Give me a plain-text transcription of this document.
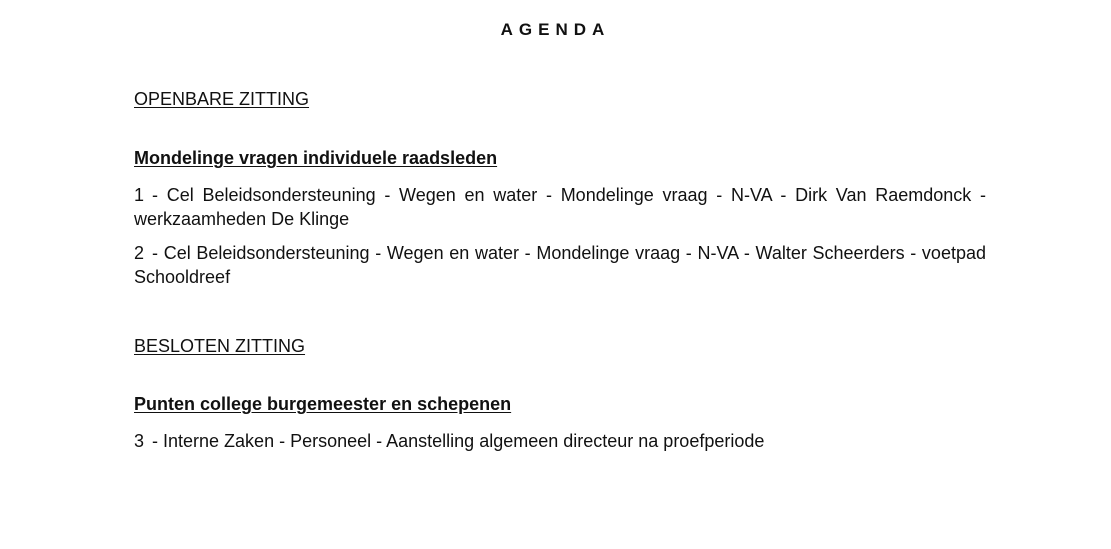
AGENDA
OPENBARE ZITTING
Mondelinge vragen individuele raadsleden
1 - Cel Beleidsondersteuning - Wegen en water - Mondelinge vraag - N-VA - Dirk Van Raemdonck - werkzaamheden De Klinge
2 - Cel Beleidsondersteuning - Wegen en water - Mondelinge vraag - N-VA - Walter Scheerders - voetpad Schooldreef
BESLOTEN ZITTING
Punten college burgemeester en schepenen
3 - Interne Zaken - Personeel - Aanstelling algemeen directeur na proefperiode
